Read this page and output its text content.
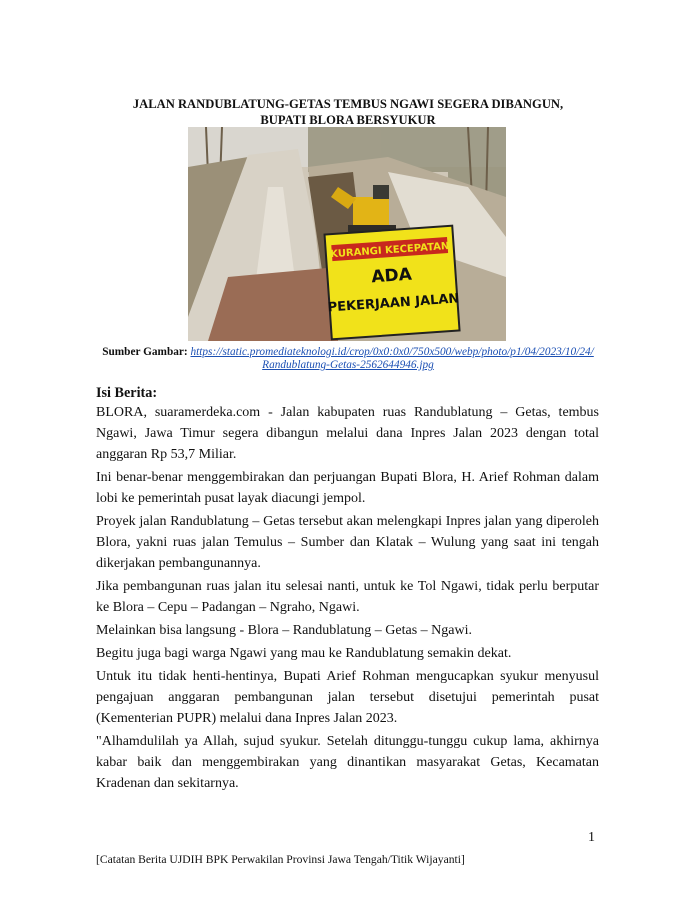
JALAN RANDUBLATUNG-GETAS TEMBUS NGAWI SEGERA DIBANGUN,
BUPATI BLORA BERSYUKUR
KURANGI KECEPATAN
ADA
PEKERJAAN JALAN
Sumber Gambar: https://static.promediateknologi.id/crop/0x0:0x0/750x500/webp/photo/p1/04/2023/10/24/
Randublatung-Getas-2562644946.jpg
Isi Berita:

BLORA, suaramerdeka.com - Jalan kabupaten ruas Randublatung – Getas, tembus Ngawi, Jawa Timur segera dibangun melalui dana Inpres Jalan 2023 dengan total anggaran Rp 53,7 Miliar.

Ini benar-benar menggembirakan dan perjuangan Bupati Blora, H. Arief Rohman dalam lobi ke pemerintah pusat layak diacungi jempol.

Proyek jalan Randublatung – Getas tersebut akan melengkapi Inpres jalan yang diperoleh Blora, yakni ruas jalan Temulus – Sumber dan Klatak – Wulung yang saat ini tengah dikerjakan pembangunannya.

Jika pembangunan ruas jalan itu selesai nanti, untuk ke Tol Ngawi, tidak perlu berputar ke Blora – Cepu – Padangan – Ngraho, Ngawi.

Melainkan bisa langsung - Blora – Randublatung – Getas – Ngawi.

Begitu juga bagi warga Ngawi yang mau ke Randublatung semakin dekat.

Untuk itu tidak henti-hentinya, Bupati Arief Rohman mengucapkan syukur menyusul pengajuan anggaran pembangunan jalan tersebut disetujui pemerintah pusat (Kementerian PUPR) melalui dana Inpres Jalan 2023.

"Alhamdulilah ya Allah, sujud syukur. Setelah ditunggu-tunggu cukup lama, akhirnya kabar baik dan menggembirakan yang dinantikan masyarakat Getas, Kecamatan Kradenan dan sekitarnya.

1
[Catatan Berita UJDIH BPK Perwakilan Provinsi Jawa Tengah/Titik Wijayanti]
